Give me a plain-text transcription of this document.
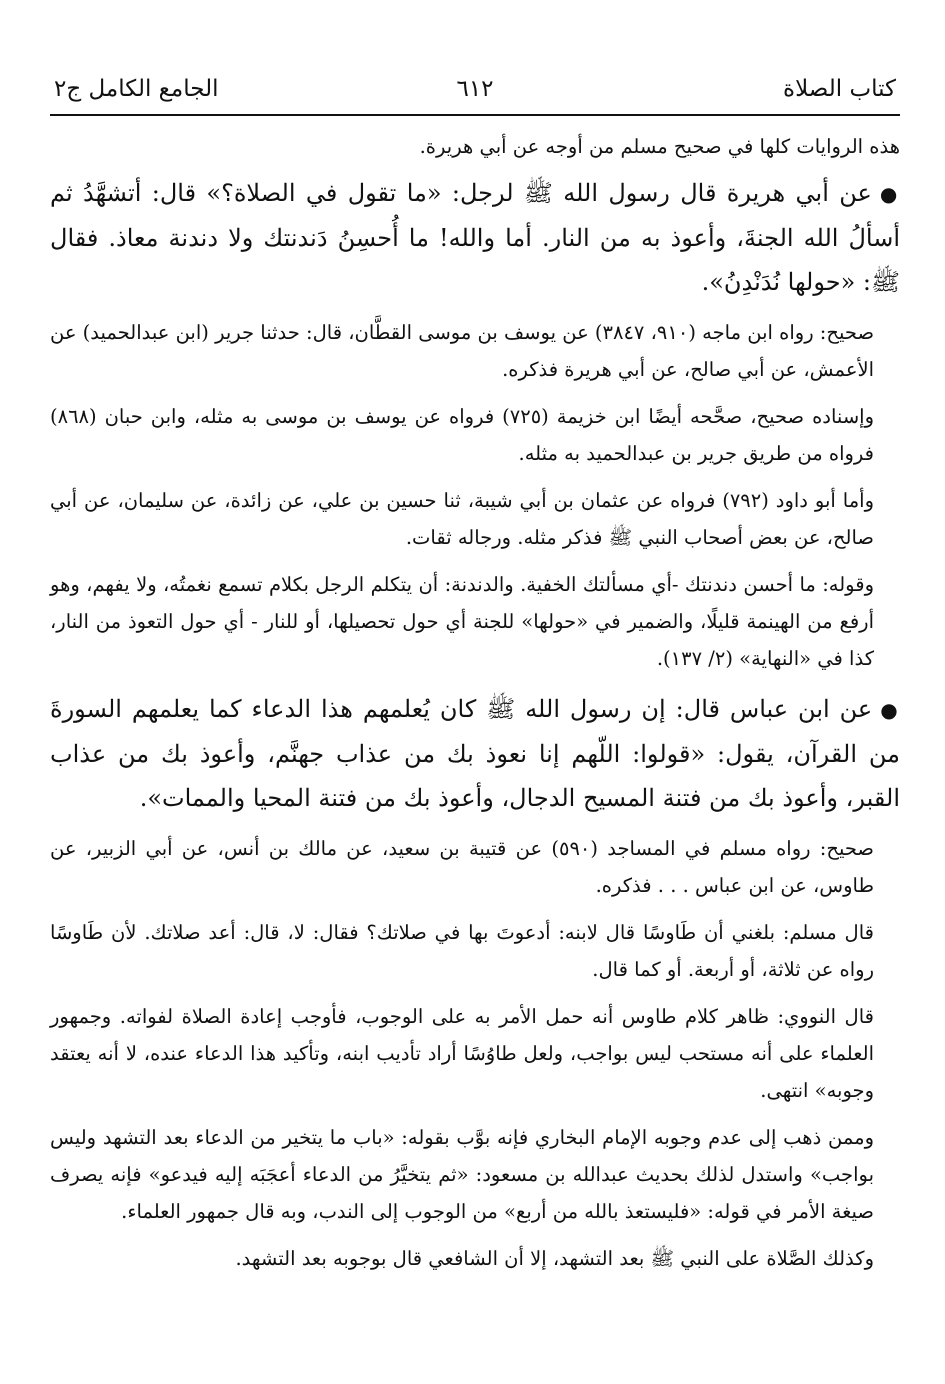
كتاب الصلاة
٦١٢
الجامع الكامل ج٢

هذه الروايات كلها في صحيح مسلم من أوجه عن أبي هريرة.

●عن أبي هريرة قال رسول الله ﷺ لرجل: «ما تقول في الصلاة؟» قال: أتشهَّدُ ثم أسألُ الله الجنةَ، وأعوذ به من النار. أما والله! ما أُحسِنُ دَندنتك ولا دندنة معاذ. فقال ﷺ: «حولها نُدَنْدِنُ».

صحيح: رواه ابن ماجه (٩١٠، ٣٨٤٧) عن يوسف بن موسى القطَّان، قال: حدثنا جرير (ابن عبدالحميد) عن الأعمش، عن أبي صالح، عن أبي هريرة فذكره.

وإسناده صحيح، صحَّحه أيضًا ابن خزيمة (٧٢٥) فرواه عن يوسف بن موسى به مثله، وابن حبان (٨٦٨) فرواه من طريق جرير بن عبدالحميد به مثله.

وأما أبو داود (٧٩٢) فرواه عن عثمان بن أبي شيبة، ثنا حسين بن علي، عن زائدة، عن سليمان، عن أبي صالح، عن بعض أصحاب النبي ﷺ فذكر مثله. ورجاله ثقات.

وقوله: ما أحسن دندنتك -أي مسألتك الخفية. والدندنة: أن يتكلم الرجل بكلام تسمع نغمتُه، ولا يفهم، وهو أرفع من الهينمة قليلًا، والضمير في «حولها» للجنة أي حول تحصيلها، أو للنار - أي حول التعوذ من النار، كذا في «النهاية» (٢/ ١٣٧).

●عن ابن عباس قال: إن رسول الله ﷺ كان يُعلمهم هذا الدعاء كما يعلمهم السورةَ من القرآن، يقول: «قولوا: اللّهم إنا نعوذ بك من عذاب جهنَّم، وأعوذ بك من عذاب القبر، وأعوذ بك من فتنة المسيح الدجال، وأعوذ بك من فتنة المحيا والممات».

صحيح: رواه مسلم في المساجد (٥٩٠) عن قتيبة بن سعيد، عن مالك بن أنس، عن أبي الزبير، عن طاوس، عن ابن عباس . . . فذكره.

قال مسلم: بلغني أن طَاوسًا قال لابنه: أدعوتَ بها في صلاتك؟ فقال: لا، قال: أعد صلاتك. لأن طَاوسًا رواه عن ثلاثة، أو أربعة. أو كما قال.

قال النووي: ظاهر كلام طاوس أنه حمل الأمر به على الوجوب، فأوجب إعادة الصلاة لفواته. وجمهور العلماء على أنه مستحب ليس بواجب، ولعل طاوُسًا أراد تأديب ابنه، وتأكيد هذا الدعاء عنده، لا أنه يعتقد وجوبه» انتهى.

وممن ذهب إلى عدم وجوبه الإمام البخاري فإنه بوَّب بقوله: «باب ما يتخير من الدعاء بعد التشهد وليس بواجب» واستدل لذلك بحديث عبدالله بن مسعود: «ثم يتخيَّرُ من الدعاء أعجَبَه إليه فيدعو» فإنه يصرف صيغة الأمر في قوله: «فليستعذ بالله من أربع» من الوجوب إلى الندب، وبه قال جمهور العلماء.

وكذلك الصَّلاة على النبي ﷺ بعد التشهد، إلا أن الشافعي قال بوجوبه بعد التشهد.
